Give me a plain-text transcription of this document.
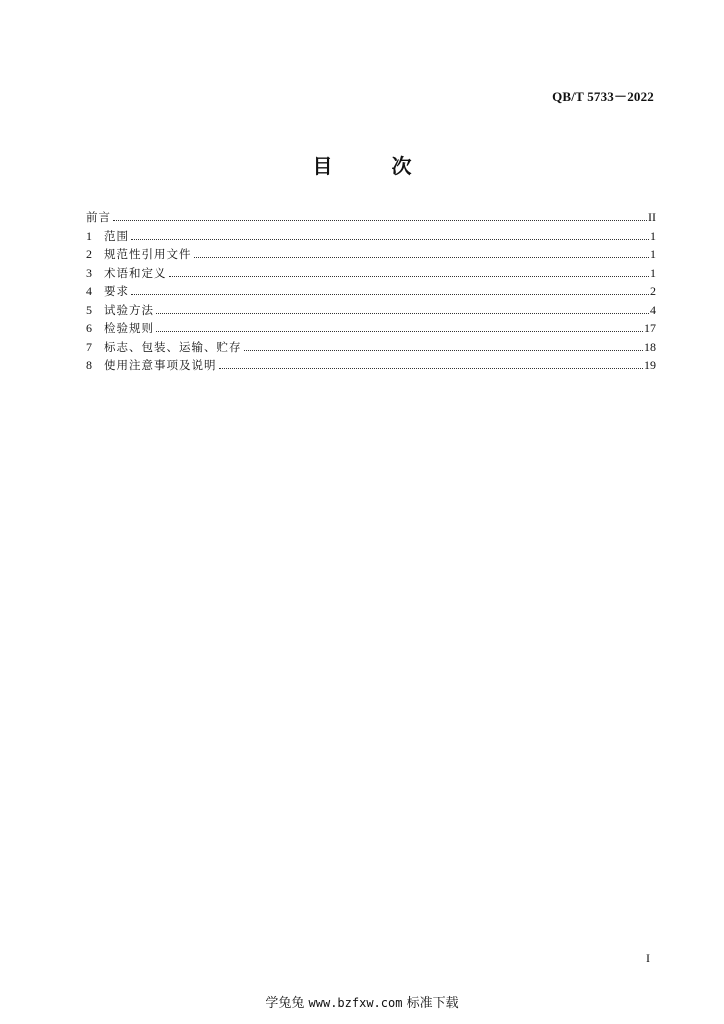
QB/T 5733－2022
目 次
前言	II
1	范围	1
2	规范性引用文件	1
3	术语和定义	1
4	要求	2
5	试验方法	4
6	检验规则	17
7	标志、包装、运输、贮存	18
8	使用注意事项及说明	19
I
学兔兔 www.bzfxw.com 标准下载
